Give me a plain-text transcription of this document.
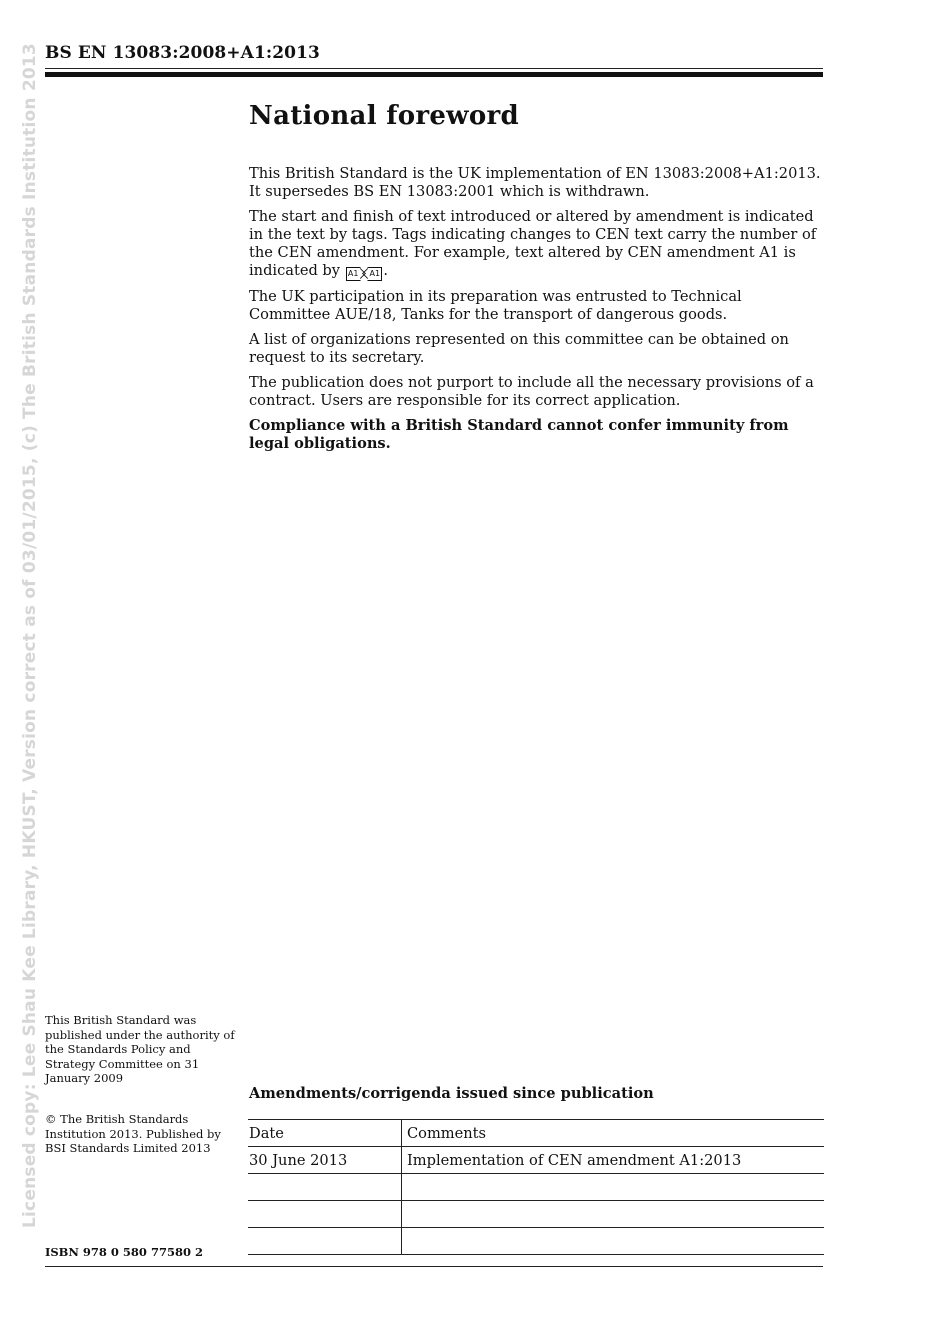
BS EN 13083:2008+A1:2013
Licensed copy: Lee Shau Kee Library, HKUST, Version correct as of 03/01/2015, (c) The British Standards Institution 2013	National foreword

This British Standard is the UK implementation of EN 13083:2008+A1:2013. It supersedes BS EN 13083:2001 which is withdrawn.

The start and finish of text introduced or altered by amendment is indicated in the text by tags. Tags indicating changes to CEN text carry the number of the CEN amendment. For example, text altered by CEN amendment A1 is indicated by A1 A1 .

The UK participation in its preparation was entrusted to Technical Committee AUE/18, Tanks for the transport of dangerous goods.

A list of organizations represented on this committee can be obtained on request to its secretary.

The publication does not purport to include all the necessary provisions of a contract. Users are responsible for its correct application.

Compliance with a British Standard cannot confer immunity from legal obligations.

This British Standard was published under the authority of the Standards Policy and Strategy Committee on 31 January 2009
© The British Standards Institution 2013. Published by BSI Standards Limited 2013
Amendments/corrigenda issued since publication
Date	Comments
30 June 2013	Implementation of CEN amendment A1:2013

ISBN 978 0 580 77580 2
